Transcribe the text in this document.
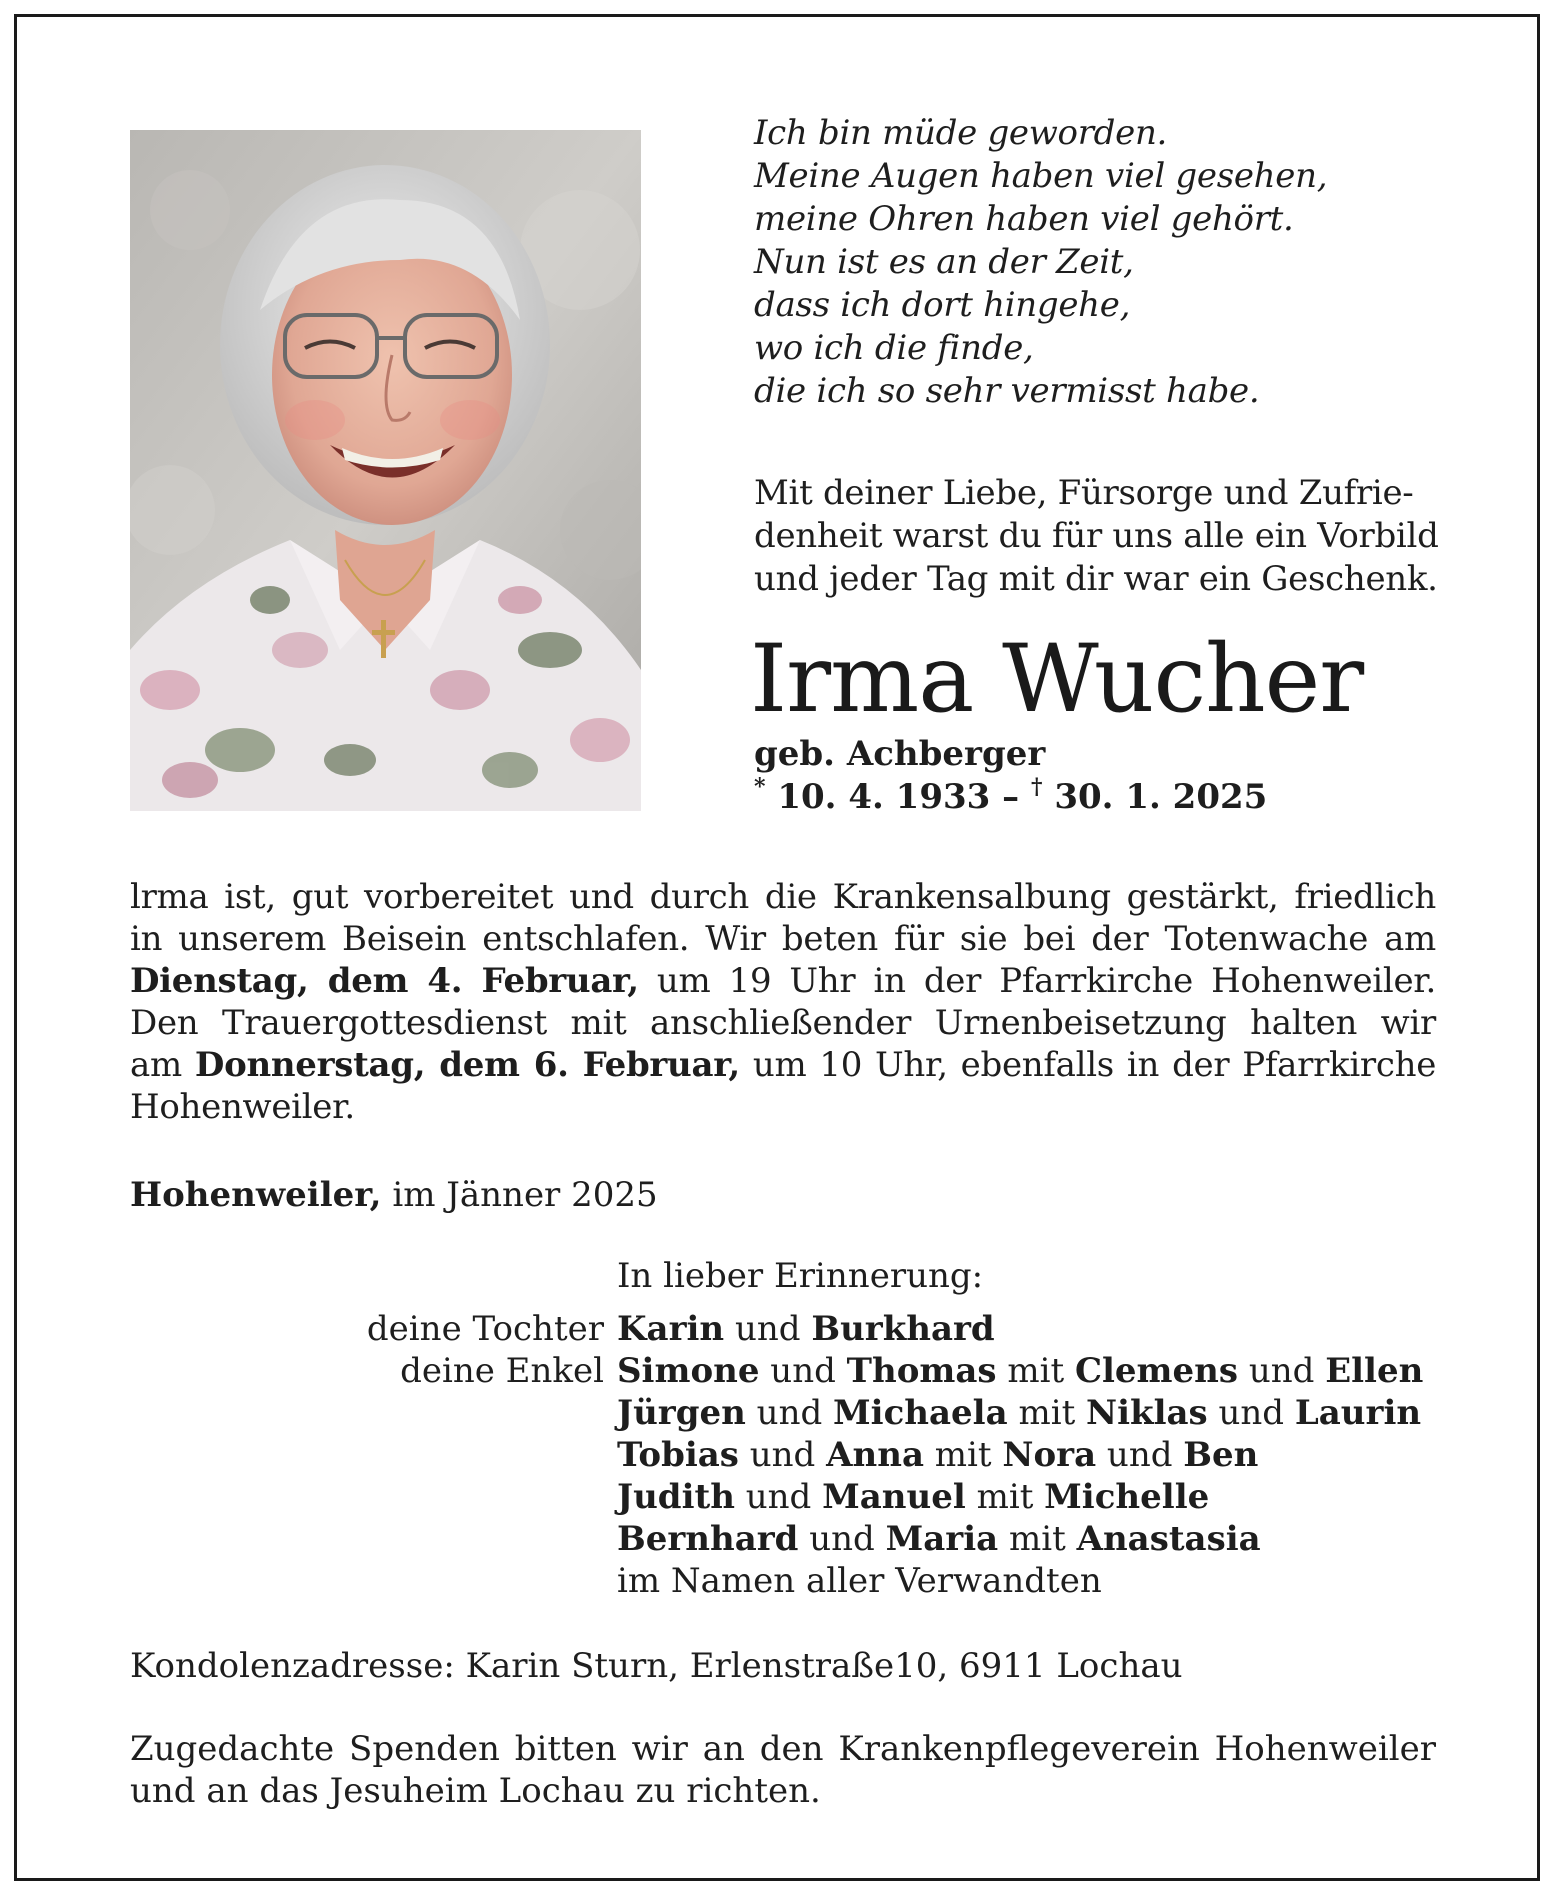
Ich bin müde geworden.
Meine Augen haben viel gesehen,
meine Ohren haben viel gehört.
Nun ist es an der Zeit,
dass ich dort hingehe,
wo ich die finde,
die ich so sehr vermisst habe.
Mit deiner Liebe, Fürsorge und Zufrie-
denheit warst du für uns alle ein Vorbild
und jeder Tag mit dir war ein Geschenk.
Irma Wucher
geb. Achberger
* 10. 4. 1933 – † 30. 1. 2025
lrma ist, gut vorbereitet und durch die Krankensalbung gestärkt, friedlich
in unserem Beisein entschlafen. Wir beten für sie bei der Totenwache am
Dienstag, dem 4. Februar, um 19 Uhr in der Pfarrkirche Hohenweiler.
Den Trauergottesdienst mit anschließender Urnenbeisetzung halten wir
am Donnerstag, dem 6. Februar, um 10 Uhr, ebenfalls in der Pfarrkirche
Hohenweiler.
Hohenweiler, im Jänner 2025
In lieber Erinnerung:
deine Tochter Karin und Burkhard
deine Enkel Simone und Thomas mit Clemens und Ellen
Jürgen und Michaela mit Niklas und Laurin
Tobias und Anna mit Nora und Ben
Judith und Manuel mit Michelle
Bernhard und Maria mit Anastasia
im Namen aller Verwandten
Kondolenzadresse: Karin Sturn, Erlenstraße10, 6911 Lochau
Zugedachte Spenden bitten wir an den Krankenpflegeverein Hohenweiler
und an das Jesuheim Lochau zu richten.
